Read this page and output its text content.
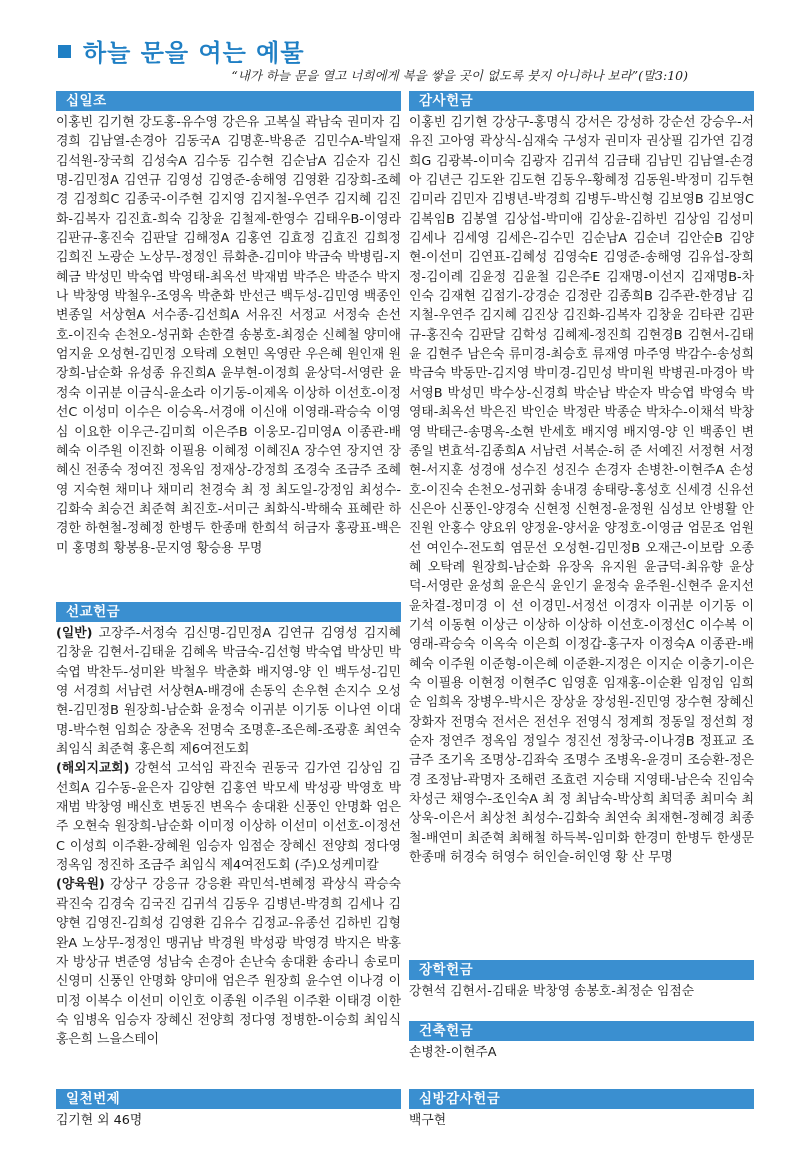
하늘 문을 여는 예물
“내가 하늘 문을 열고 너희에게 복을 쌓을 곳이 없도록 붓지 아니하나 보라”(말3:10)
십일조
이홍빈 김기현 강도홍-유수영 강은유 고복실 곽남숙 권미자 김경희 김남열-손경아 김동국A 김명훈-박용준 김민수A-박일재 김석원-장국희 김성숙A 김수동 김수현 김순남A 김순자 김신명-김민정A 김연규 김영성 김영준-송해영 김영환 김장희-조혜경 김정희C 김종국-이주현 김지영 김지철-우연주 김지혜 김진화-김복자 김진효-희숙 김창윤 김철제-한영수 김태우B-이영라 김판규-홍진숙 김판달 김해정A 김홍연 김효정 김효진 김희정 김희진 노광순 노상무-정정인 류화춘-김미야 박금숙 박병림-지혜금 박성민 박숙엽 박영태-최옥선 박재범 박주은 박준수 박지나 박창영 박철우-조영옥 박춘화 반선근 백두성-김민영 백종인 변종일 서상현A 서수종-김선희A 서유진 서정교 서정숙 손선호-이진숙 손천오-성귀화 손한결 송봉호-최정순 신혜철 양미애 엄지윤 오성현-김민정 오탁례 오현민 옥영란 우은혜 원인재 원장희-남순화 유성종 유진희A 윤부현-이정희 윤상덕-서영란 윤정숙 이귀분 이금식-윤소라 이기동-이제옥 이상하 이선호-이정선C 이성미 이수은 이승옥-서경애 이신애 이영래-곽승숙 이영심 이요한 이우근-김미희 이은주B 이웅모-김미영A 이종관-배혜숙 이주원 이진화 이필용 이혜정 이혜진A 장수연 장지연 장혜신 전종숙 정여진 정옥임 정재상-강정희 조경숙 조금주 조혜영 지숙현 채미나 채미리 천경숙 최 정 최도일-강정임 최성수-김화숙 최승건 최준혁 최진호-서미근 최화식-박해숙 표혜란 하경한 하현철-정혜정 한병두 한종매 한희석 허금자 홍광표-백은미 홍명희 황봉용-문지영 황승용 무명
선교헌금

(일반) 고장주-서정숙 김신명-김민정A 김연규 김영성 김지혜 김창윤 김현서-김태윤 김혜옥 박금숙-김선형 박숙엽 박상민 박숙엽 박찬두-성미완 박철우 박춘화 배지영-양 인 백두성-김민영 서경희 서남련 서상현A-배경애 손동익 손우현 손지수 오성현-김민정B 원장희-남순화 윤정숙 이귀분 이기동 이나연 이대명-박수현 임희순 장춘옥 전명숙 조명훈-조은혜-조광훈 최연숙 최임식 최준혁 홍은희 제6여전도회

(해외지교회) 강현석 고석임 곽진숙 권동국 김가연 김상임 김선희A 김수동-윤은자 김양현 김홍연 박모세 박성광 박영호 박재범 박창영 배신호 변동진 변옥수 송대환 신풍인 안명화 엄은주 오현숙 원장희-남순화 이미정 이상하 이선미 이선호-이정선C 이성희 이주환-장혜원 임승자 임점순 장혜신 전양희 정다영 정옥임 정진하 조금주 최임식 제4여전도회 (주)오성케미칼

(양육원) 강상구 강응규 강응환 곽민석-변혜정 곽상식 곽승숙 곽진숙 김경숙 김국진 김귀석 김동우 김병년-박경희 김세나 김양현 김영진-김희성 김영환 김유수 김정교-유종선 김하빈 김형완A 노상무-정정인 맹귀남 박경원 박성광 박영경 박지은 박홍자 방상규 변준영 성남숙 손경아 손난숙 송대환 송라니 송로미 신영미 신풍인 안명화 양미애 엄은주 원장희 윤수연 이나경 이미정 이복수 이선미 이인호 이종원 이주원 이주환 이태경 이한숙 임병옥 임승자 장혜신 전양희 정다영 정병한-이승희 최임식 홍은희 느을스테이

일천번제
김기현 외 46명
감사헌금
이홍빈 김기현 강상구-홍명식 강서은 강성하 강순선 강승우-서유진 고아영 곽상식-심재숙 구성자 권미자 권상필 김가연 김경희G 김광복-이미숙 김광자 김귀석 김금태 김남민 김남열-손경아 김년근 김도완 김도현 김동우-황혜정 김동원-박정미 김두현 김미라 김민자 김병년-박경희 김병두-박신형 김보영B 김보영C 김복임B 김봉열 김상섭-박미애 김상윤-김하빈 김상임 김성미 김세나 김세영 김세은-김수민 김순남A 김순녀 김안순B 김양현-이선미 김연표-김혜성 김영숙E 김영준-송해영 김유섭-장희정-김이례 김윤정 김윤철 김은주E 김재명-이선지 김재명B-차인숙 김재현 김점기-강경순 김정란 김종희B 김주관-한경남 김지철-우연주 김지혜 김진상 김진화-김복자 김창윤 김타관 김판규-홍진숙 김판달 김학성 김혜제-정진희 김현경B 김현서-김태윤 김현주 남은숙 류미경-최승호 류재영 마주영 박감수-송성희 박금숙 박동만-김지영 박미경-김민성 박미원 박병권-마경아 박서영B 박성민 박수상-신경희 박순남 박순자 박승엽 박영숙 박영태-최옥선 박은진 박인순 박정란 박종순 박차수-이채석 박창영 박태근-송명옥-소현 반세호 배지영 배지영-양 인 백종인 변종일 변효석-김종희A 서남련 서복순-허 준 서예진 서정현 서정현-서지훈 성경애 성수진 성진수 손경자 손병찬-이현주A 손성호-이진숙 손천오-성귀화 송내경 송태랑-홍성호 신세경 신유선 신은아 신풍인-양경숙 신현정 신현정-윤정원 심성보 안병활 안진원 안홍수 양요위 양정윤-양서윤 양정호-이영금 엄문조 엄원선 여인수-전도희 염문선 오성현-김민정B 오재근-이보람 오종혜 오탁례 원장희-남순화 유장옥 유지원 윤금덕-최유향 윤상덕-서영란 윤성희 윤은식 윤인기 윤정숙 윤주원-신현주 윤지선 윤차결-정미경 이 선 이경민-서정선 이경자 이귀분 이기동 이기석 이동현 이상근 이상하 이상하 이선호-이정선C 이수복 이영래-곽승숙 이옥숙 이은희 이정갑-홍구자 이정숙A 이종관-배혜숙 이주원 이준형-이은혜 이준환-지정은 이지순 이충기-이은숙 이필용 이현정 이현주C 임영훈 임재홍-이순환 임정임 임희순 임희옥 장병우-박시은 장상윤 장성원-진민영 장수현 장혜신 장화자 전명숙 전서은 전선우 전영식 정계희 정동일 정선희 정순자 정연주 정옥임 정일수 정진선 정창국-이나경B 정표교 조금주 조기옥 조명상-김좌숙 조명수 조병옥-윤경미 조승환-정은경 조정남-곽명자 조해련 조효련 지승태 지영태-남은숙 진임숙 차성근 채영수-조인숙A 최 정 최남숙-박상희 최덕종 최미숙 최상욱-이은서 최상천 최성수-김화숙 최연숙 최재현-정혜경 최종철-배연미 최준혁 최해철 하득복-임미화 한경미 한병두 한생문 한종매 허경숙 허영수 허인슬-허인영 황 산 무명
장학헌금
강현석 김현서-김태윤 박창영 송봉호-최정순 임점순
건축헌금
손병찬-이현주A
심방감사헌금
백구현
